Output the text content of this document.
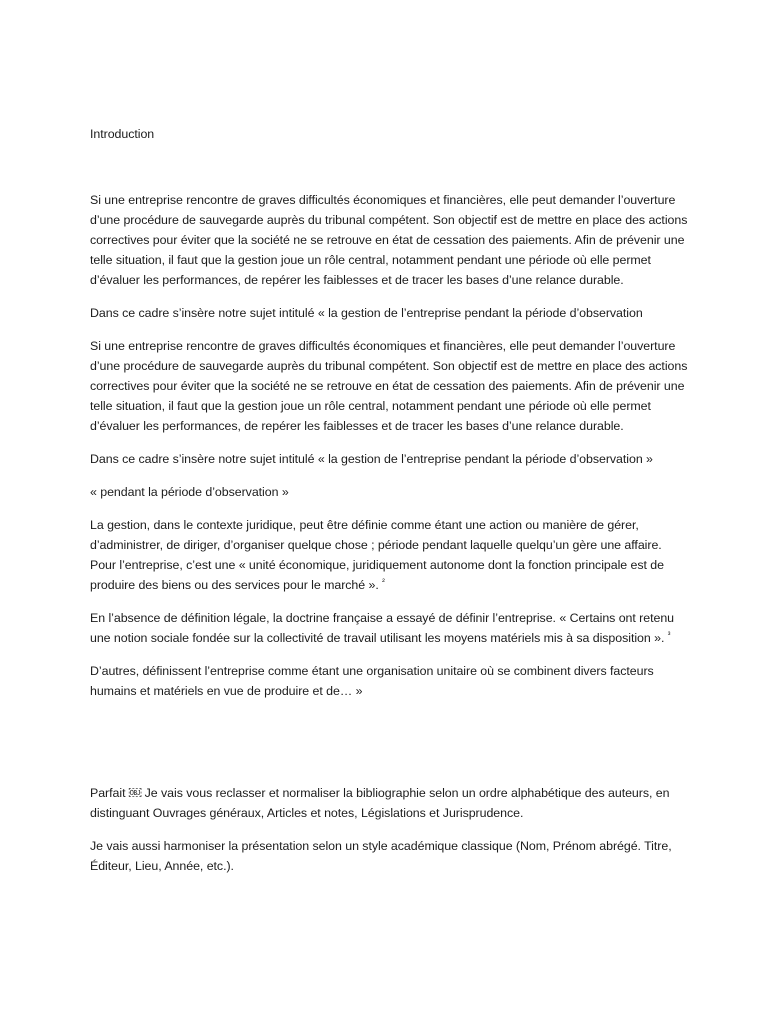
Introduction

Si une entreprise rencontre de graves difficultés économiques et financières, elle peut demander l’ouverture d’une procédure de sauvegarde auprès du tribunal compétent. Son objectif est de mettre en place des actions correctives pour éviter que la société ne se retrouve en état de cessation des paiements. Afin de prévenir une telle situation, il faut que la gestion joue un rôle central, notamment pendant une période où elle permet d’évaluer les performances, de repérer les faiblesses et de tracer les bases d’une relance durable.

Dans ce cadre s’insère notre sujet intitulé « la gestion de l’entreprise pendant la période d’observation

Si une entreprise rencontre de graves difficultés économiques et financières, elle peut demander l’ouverture d’une procédure de sauvegarde auprès du tribunal compétent. Son objectif est de mettre en place des actions correctives pour éviter que la société ne se retrouve en état de cessation des paiements. Afin de prévenir une telle situation, il faut que la gestion joue un rôle central, notamment pendant une période où elle permet d’évaluer les performances, de repérer les faiblesses et de tracer les bases d’une relance durable.

Dans ce cadre s’insère notre sujet intitulé « la gestion de l’entreprise pendant la période d’observation »

« pendant la période d’observation »

La gestion, dans le contexte juridique, peut être définie comme étant une action ou manière de gérer, d’administrer, de diriger, d’organiser quelque chose ; période pendant laquelle quelqu’un gère une affaire. Pour l’entreprise, c’est une « unité économique, juridiquement autonome dont la fonction principale est de produire des biens ou des services pour le marché ». $^{^2}$

En l’absence de définition légale, la doctrine française a essayé de définir l’entreprise. « Certains ont retenu une notion sociale fondée sur la collectivité de travail utilisant les moyens matériels mis à sa disposition ». $^{^3}$

D’autres, définissent l’entreprise comme étant une organisation unitaire où se combinent divers facteurs humains et matériels en vue de produire et de… »

Parfait ￼ Je vais vous reclasser et normaliser la bibliographie selon un ordre alphabétique des auteurs, en distinguant Ouvrages généraux, Articles et notes, Législations et Jurisprudence.

Je vais aussi harmoniser la présentation selon un style académique classique (Nom, Prénom abrégé. Titre, Éditeur, Lieu, Année, etc.).
